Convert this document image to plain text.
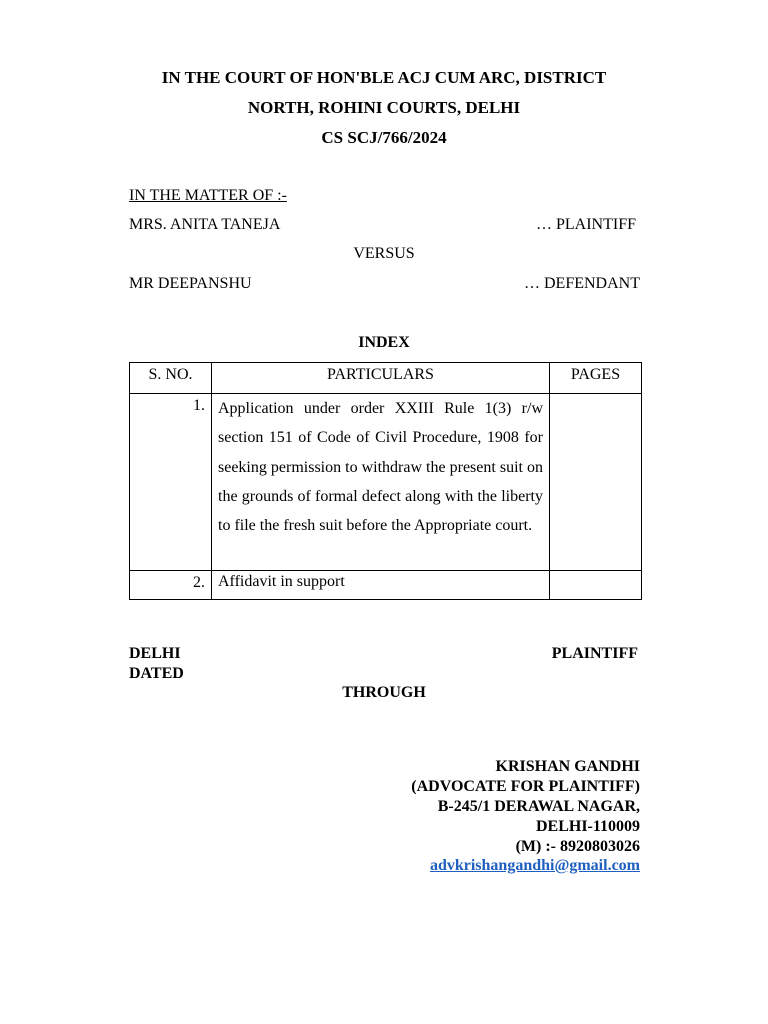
IN THE COURT OF HON'BLE ACJ CUM ARC, DISTRICT
NORTH, ROHINI COURTS, DELHI
CS SCJ/766/2024
IN THE MATTER OF :-
MRS. ANITA TANEJA	… PLAINTIFF
VERSUS
MR DEEPANSHU	… DEFENDANT
INDEX
S. NO.	PARTICULARS	PAGES
1.	Application under order XXIII Rule 1(3) r/w section 151 of Code of Civil Procedure, 1908 for seeking permission to withdraw the present suit on the grounds of formal defect along with the liberty to file the fresh suit before the Appropriate court.	
2.	Affidavit in support	
DELHI
DATED
PLAINTIFF
THROUGH
KRISHAN GANDHI
(ADVOCATE FOR PLAINTIFF)
B-245/1 DERAWAL NAGAR,
DELHI-110009
(M) :- 8920803026
advkrishangandhi@gmail.com
